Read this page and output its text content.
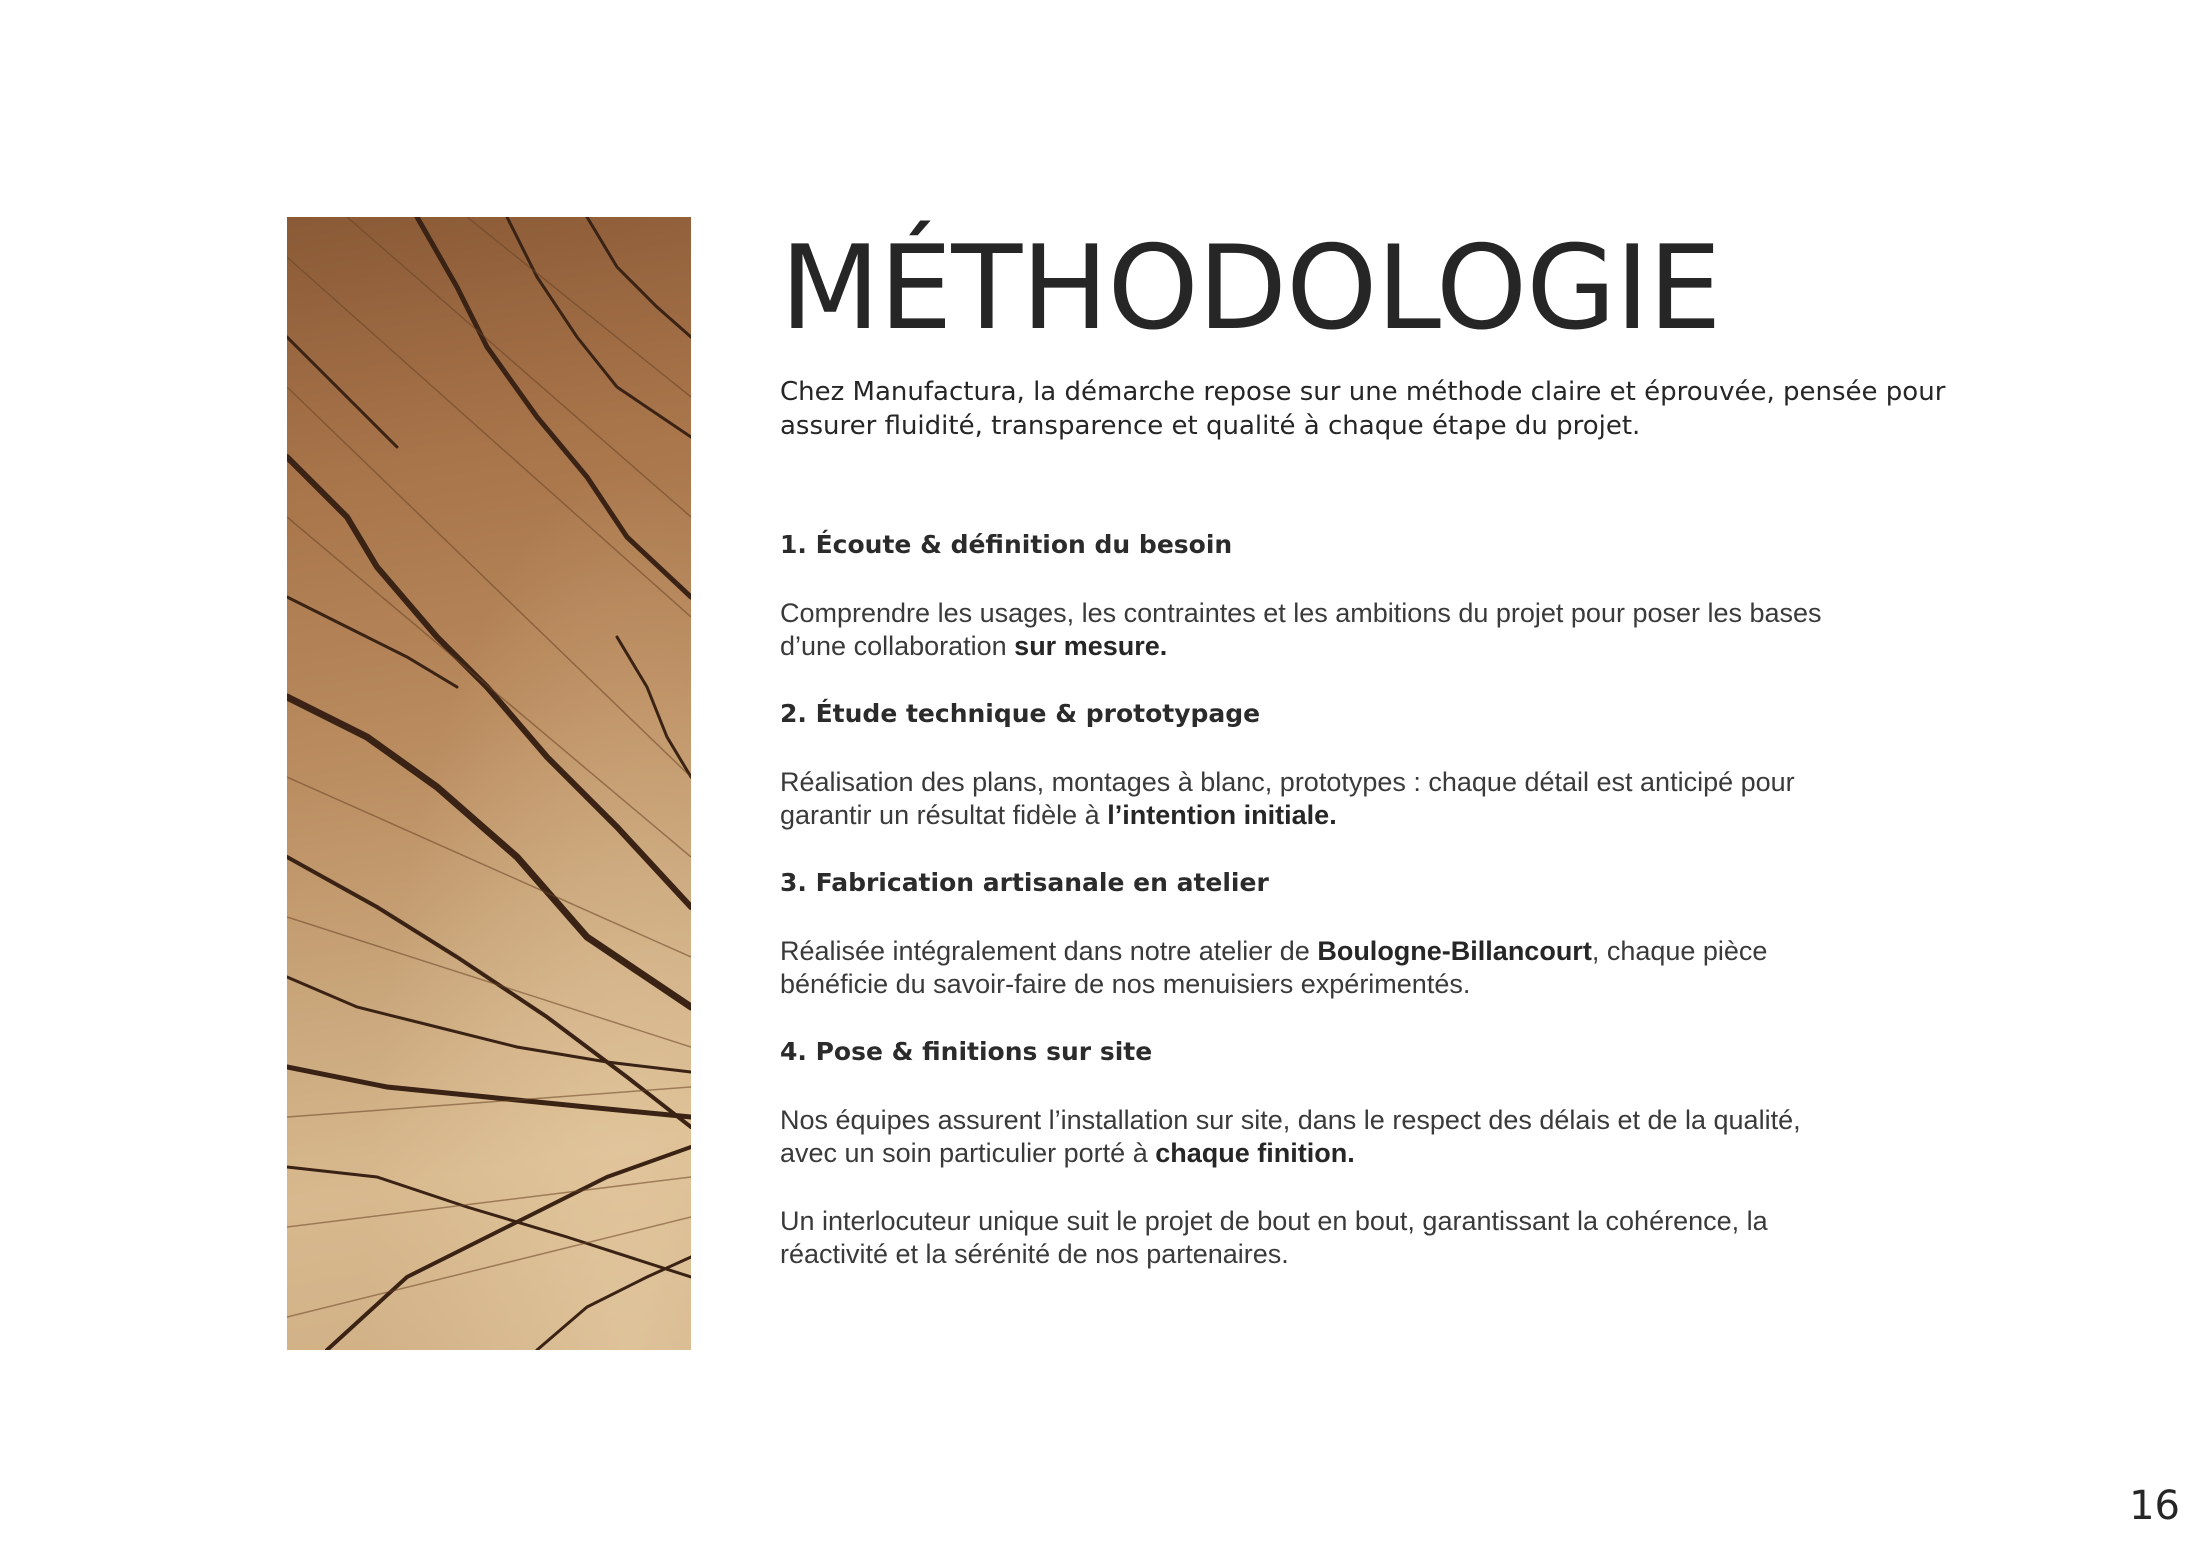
MÉTHODOLOGIE

Chez Manufactura, la démarche repose sur une méthode claire et éprouvée, pensée pour assurer fluidité, transparence et qualité à chaque étape du projet.

1. Écoute & définition du besoin

Comprendre les usages, les contraintes et les ambitions du projet pour poser les bases d’une collaboration sur mesure.

2. Étude technique & prototypage

Réalisation des plans, montages à blanc, prototypes : chaque détail est anticipé pour garantir un résultat fidèle à l’intention initiale.

3. Fabrication artisanale en atelier

Réalisée intégralement dans notre atelier de Boulogne-Billancourt, chaque pièce bénéficie du savoir-faire de nos menuisiers expérimentés.

4. Pose & finitions sur site

Nos équipes assurent l’installation sur site, dans le respect des délais et de la qualité, avec un soin particulier porté à chaque finition.

Un interlocuteur unique suit le projet de bout en bout, garantissant la cohérence, la réactivité et la sérénité de nos partenaires.

16
